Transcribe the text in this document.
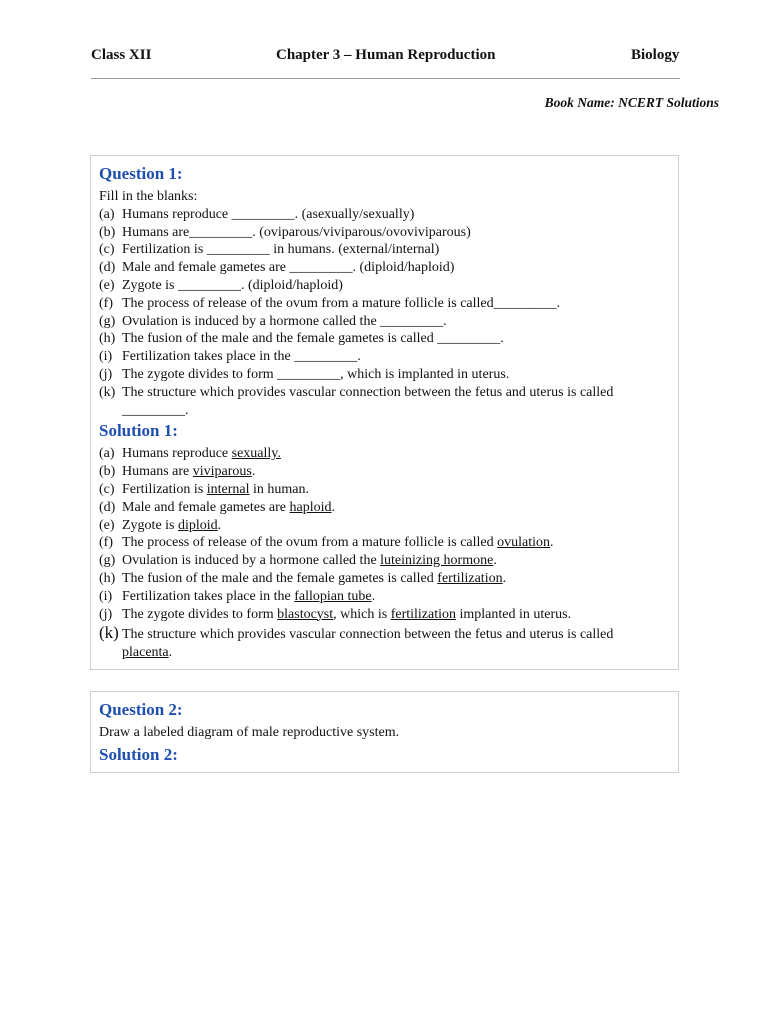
Class XII	Chapter 3 – Human Reproduction	Biology
Book Name: NCERT Solutions
Question 1:
Fill in the blanks:
(a) Humans reproduce _________. (asexually/sexually)
(b) Humans are_________. (oviparous/viviparous/ovoviviparous)
(c) Fertilization is _________ in humans. (external/internal)
(d) Male and female gametes are _________. (diploid/haploid)
(e) Zygote is _________. (diploid/haploid)
(f) The process of release of the ovum from a mature follicle is called_________.
(g) Ovulation is induced by a hormone called the _________.
(h) The fusion of the male and the female gametes is called _________.
(i) Fertilization takes place in the _________.
(j) The zygote divides to form _________, which is implanted in uterus.
(k) The structure which provides vascular connection between the fetus and uterus is called
_________.
Solution 1:
(a) Humans reproduce sexually.
(b) Humans are viviparous.
(c) Fertilization is internal in human.
(d) Male and female gametes are haploid.
(e) Zygote is diploid.
(f) The process of release of the ovum from a mature follicle is called ovulation.
(g) Ovulation is induced by a hormone called the luteinizing hormone.
(h) The fusion of the male and the female gametes is called fertilization.
(i) Fertilization takes place in the fallopian tube.
(j) The zygote divides to form blastocyst, which is fertilization implanted in uterus.
(k) The structure which provides vascular connection between the fetus and uterus is called
placenta.
Question 2:
Draw a labeled diagram of male reproductive system.
Solution 2:
